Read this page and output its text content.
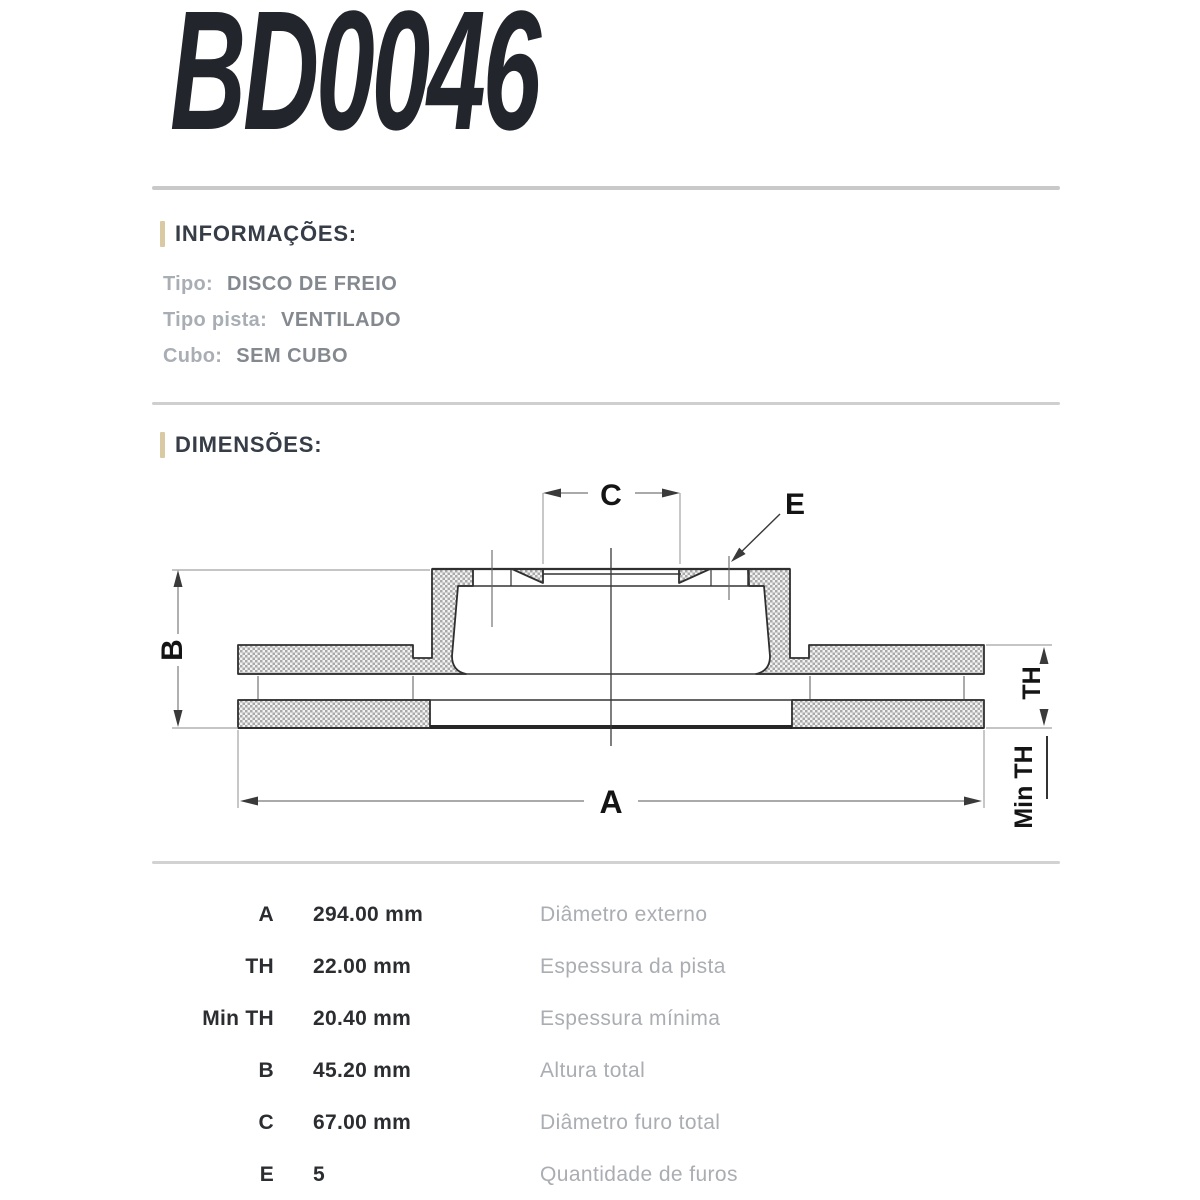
BD0046
INFORMAÇÕES:
Tipo: DISCO DE FREIO
Tipo pista: VENTILADO
Cubo: SEM CUBO
DIMENSÕES:
C	E
A
B
TH
Min TH
A	294.00 mm	Diâmetro externo
TH	22.00 mm	Espessura da pista
Min TH	20.40 mm	Espessura mínima
B	45.20 mm	Altura total
C	67.00 mm	Diâmetro furo total
E	5	Quantidade de furos
